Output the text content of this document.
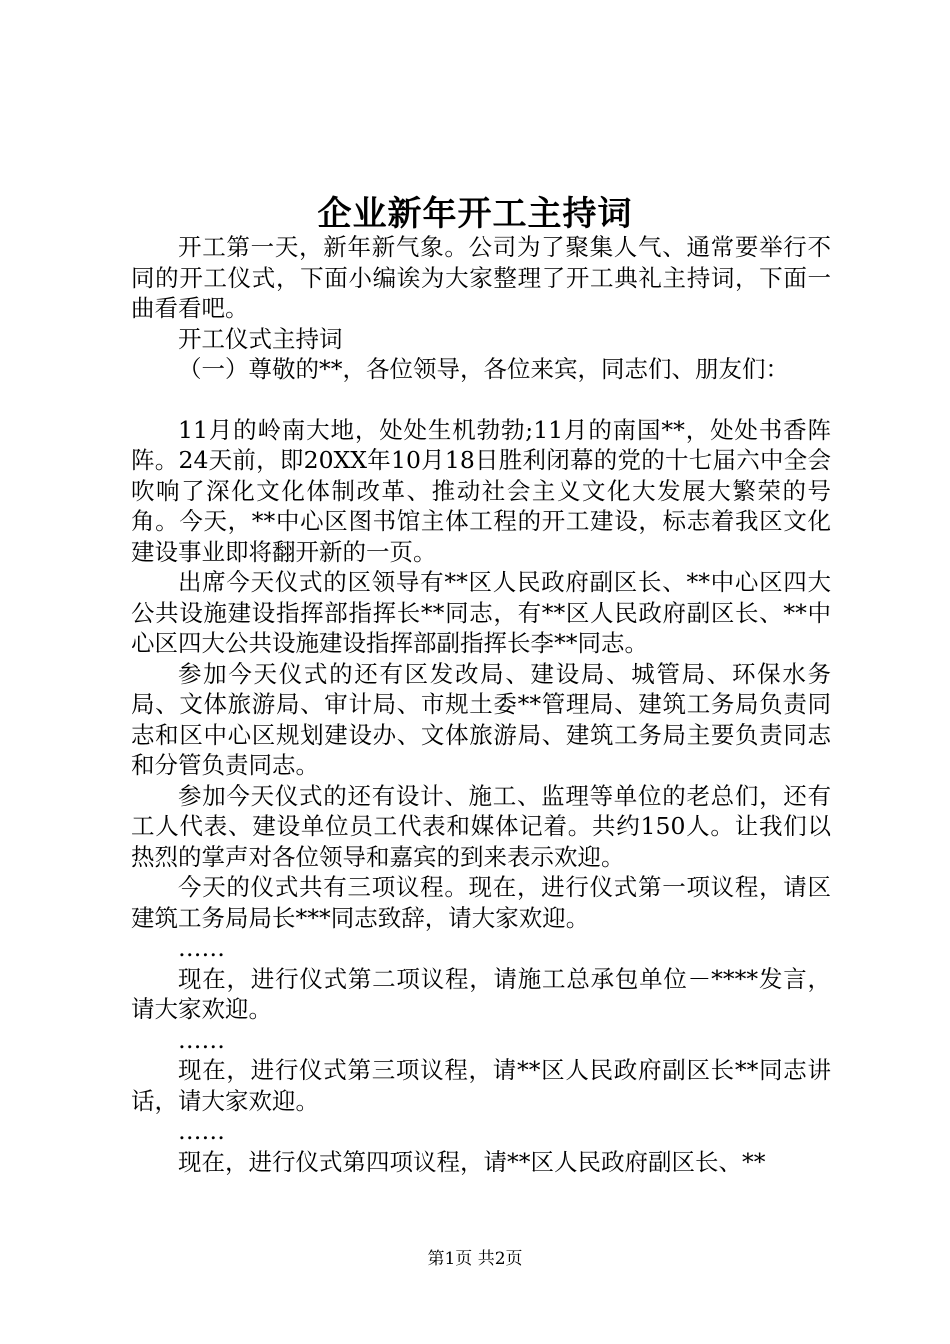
企业新年开工主持词

开工第一天，新年新气象。公司为了聚集人气、通常要举行不同的开工仪式，下面小编诶为大家整理了开工典礼主持词，下面一曲看看吧。

开工仪式主持词

（一）尊敬的**，各位领导，各位来宾，同志们、朋友们：

11月的岭南大地，处处生机勃勃;11月的南国**，处处书香阵阵。24天前，即20XX年10月18日胜利闭幕的党的十七届六中全会吹响了深化文化体制改革、推动社会主义文化大发展大繁荣的号角。今天，**中心区图书馆主体工程的开工建设，标志着我区文化建设事业即将翻开新的一页。

出席今天仪式的区领导有**区人民政府副区长、**中心区四大公共设施建设指挥部指挥长**同志，有**区人民政府副区长、**中心区四大公共设施建设指挥部副指挥长李**同志。

参加今天仪式的还有区发改局、建设局、城管局、环保水务局、文体旅游局、审计局、市规土委**管理局、建筑工务局负责同志和区中心区规划建设办、文体旅游局、建筑工务局主要负责同志和分管负责同志。

参加今天仪式的还有设计、施工、监理等单位的老总们，还有工人代表、建设单位员工代表和媒体记着。共约150人。让我们以热烈的掌声对各位领导和嘉宾的到来表示欢迎。

今天的仪式共有三项议程。现在，进行仪式第一项议程，请区建筑工务局局长***同志致辞，请大家欢迎。

……

现在，进行仪式第二项议程，请施工总承包单位－****发言，请大家欢迎。

……

现在，进行仪式第三项议程，请**区人民政府副区长**同志讲话，请大家欢迎。

……

现在，进行仪式第四项议程，请**区人民政府副区长、**

第1页 共2页
